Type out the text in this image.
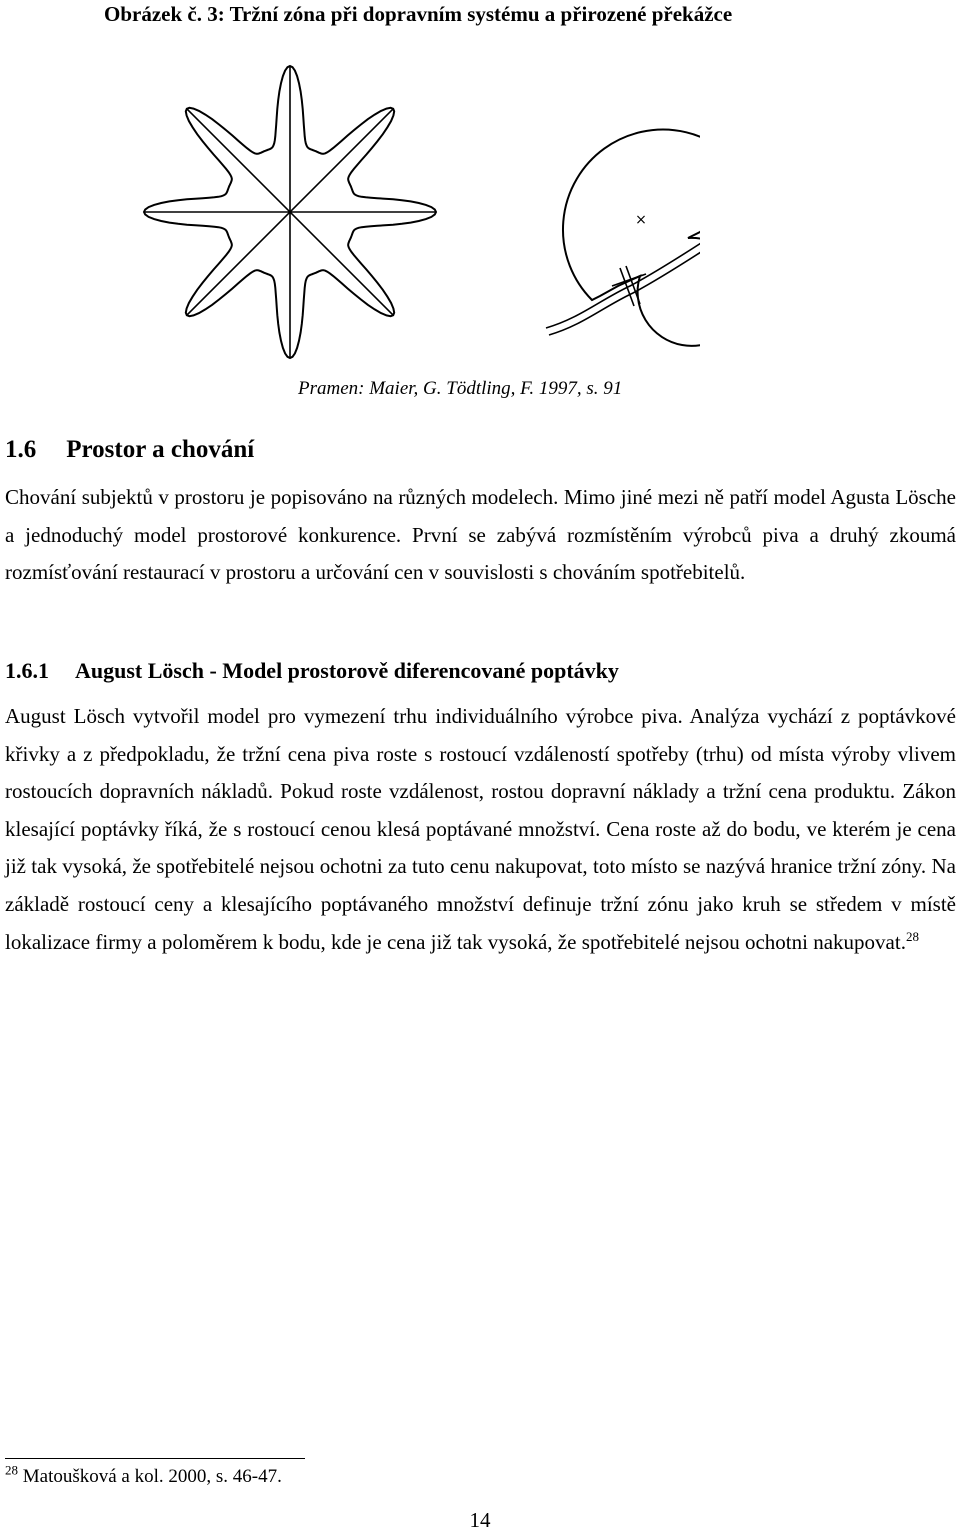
Obrázek č. 3: Tržní zóna při dopravním systému a přirozené překážce
×
Pramen: Maier, G. Tödtling, F. 1997, s. 91
1.6 Prostor a chování

Chování subjektů v prostoru je popisováno na různých modelech. Mimo jiné mezi ně patří model Agusta Lösche a jednoduchý model prostorové konkurence. První se zabývá rozmístěním výrobců piva a druhý zkoumá rozmísťování restaurací v prostoru a určování cen v souvislosti s chováním spotřebitelů.

1.6.1 August Lösch - Model prostorově diferencované poptávky

August Lösch vytvořil model pro vymezení trhu individuálního výrobce piva. Analýza vychází z poptávkové křivky a z předpokladu, že tržní cena piva roste s rostoucí vzdáleností spotřeby (trhu) od místa výroby vlivem rostoucích dopravních nákladů. Pokud roste vzdálenost, rostou dopravní náklady a tržní cena produktu. Zákon klesající poptávky říká, že s rostoucí cenou klesá poptávané množství. Cena roste až do bodu, ve kterém je cena již tak vysoká, že spotřebitelé nejsou ochotni za tuto cenu nakupovat, toto místo se nazývá hranice tržní zóny. Na základě rostoucí ceny a klesajícího poptávaného množství definuje tržní zónu jako kruh se středem v místě lokalizace firmy a poloměrem k bodu, kde je cena již tak vysoká, že spotřebitelé nejsou ochotni nakupovat.$^{28}$

$^{28}$ Matoušková a kol. 2000, s. 46-47.
14
